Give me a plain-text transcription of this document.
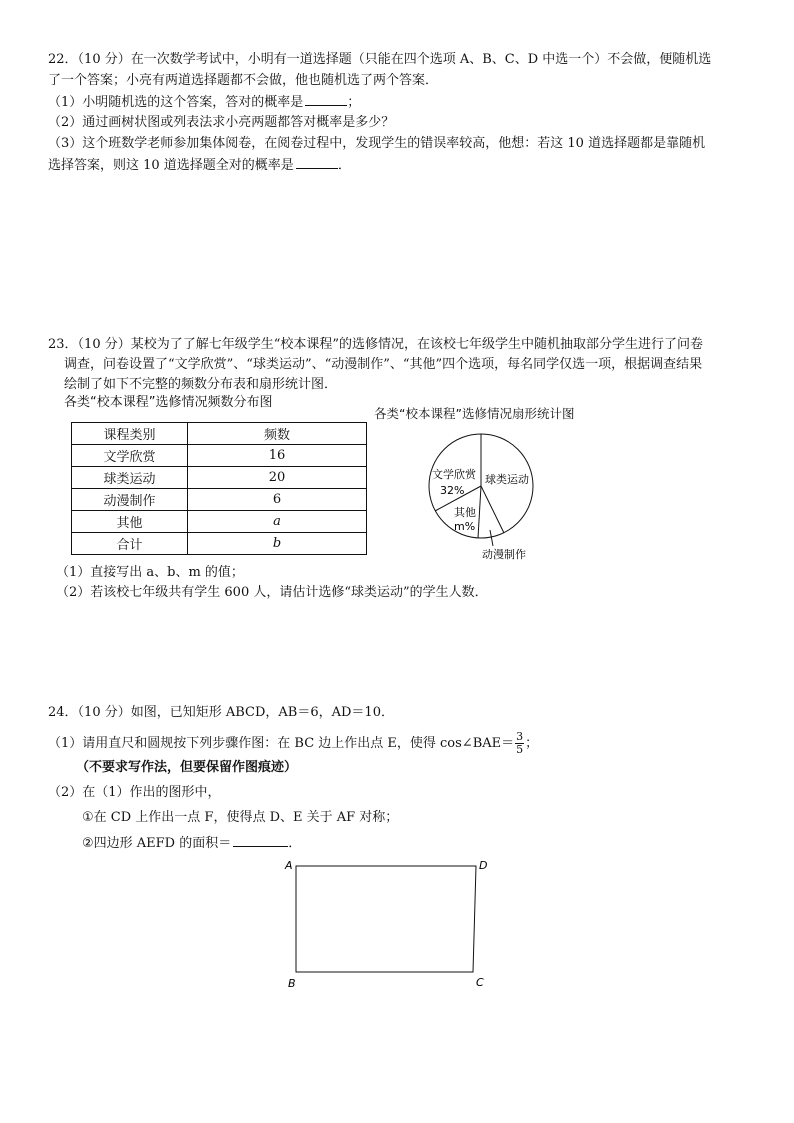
22．（10 分）在一次数学考试中，小明有一道选择题（只能在四个选项 A、B、C、D 中选一个）不会做，便随机选
了一个答案；小亮有两道选择题都不会做，他也随机选了两个答案．
（1）小明随机选的这个答案，答对的概率是	；
（2）通过画树状图或列表法求小亮两题都答对概率是多少？
（3）这个班数学老师参加集体阅卷，在阅卷过程中，发现学生的错误率较高，他想：若这 10 道选择题都是靠随机
选择答案，则这 10 道选择题全对的概率是	．
23．（10 分）某校为了了解七年级学生“校本课程”的选修情况，在该校七年级学生中随机抽取部分学生进行了问卷
调查，问卷设置了“文学欣赏”、“球类运动”、“动漫制作”、“其他”四个选项，每名同学仅选一项，根据调查结果
绘制了如下不完整的频数分布表和扇形统计图．
各类“校本课程”选修情况频数分布图
各类“校本课程”选修情况扇形统计图
课程类别	频数
文学欣赏	16
球类运动	20
动漫制作	6
其他	a
合计	b
文学欣赏
32%
球类运动
其他
m%
动漫制作
（1）直接写出 a、b、m 的值；
（2）若该校七年级共有学生 600 人，请估计选修“球类运动”的学生人数．
24．（10 分）如图，已知矩形 ABCD，AB＝6，AD＝10．
（1）请用直尺和圆规按下列步骤作图：在 BC 边上作出点 E，使得 cos∠BAE＝ $\frac{3}{5}$ ；
（不要求写作法，但要保留作图痕迹）
（2）在（1）作出的图形中，
①在 CD 上作出一点 F，使得点 D、E 关于 AF 对称；
②四边形 AEFD 的面积＝	．
A	D
B	C
